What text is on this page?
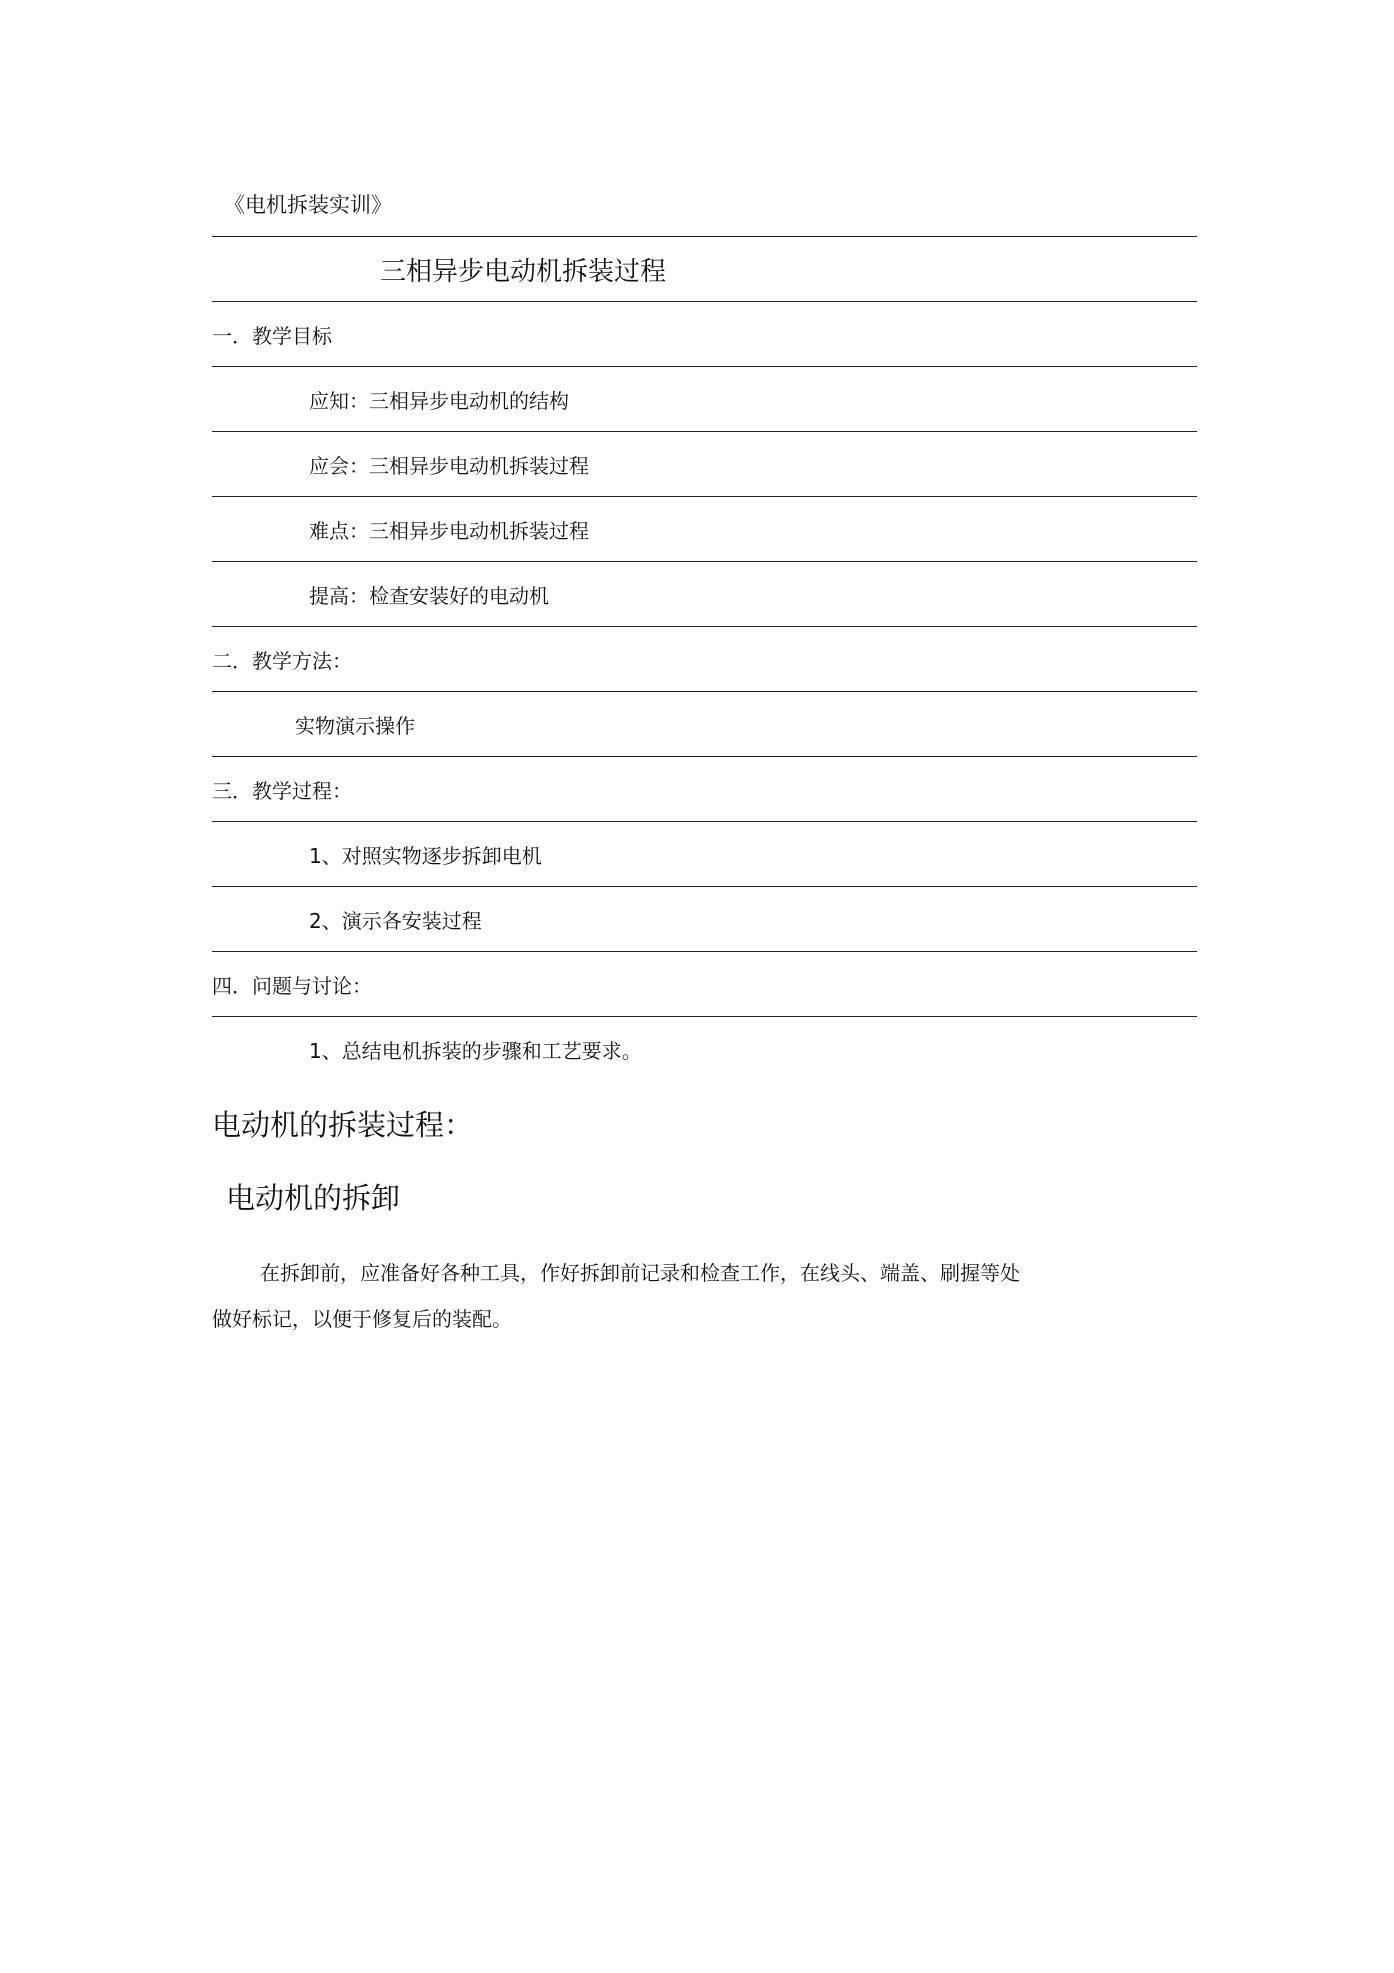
《电机拆装实训》
三相异步电动机拆装过程
一．教学目标
应知：三相异步电动机的结构
应会：三相异步电动机拆装过程
难点：三相异步电动机拆装过程
提高：检查安装好的电动机
二．教学方法：
实物演示操作
三．教学过程：
1、对照实物逐步拆卸电机
2、演示各安装过程
四．问题与讨论：
1、总结电机拆装的步骤和工艺要求。
电动机的拆装过程：
电动机的拆卸
在拆卸前，应准备好各种工具，作好拆卸前记录和检查工作，在线头、端盖、刷握等处
做好标记，以便于修复后的装配。
